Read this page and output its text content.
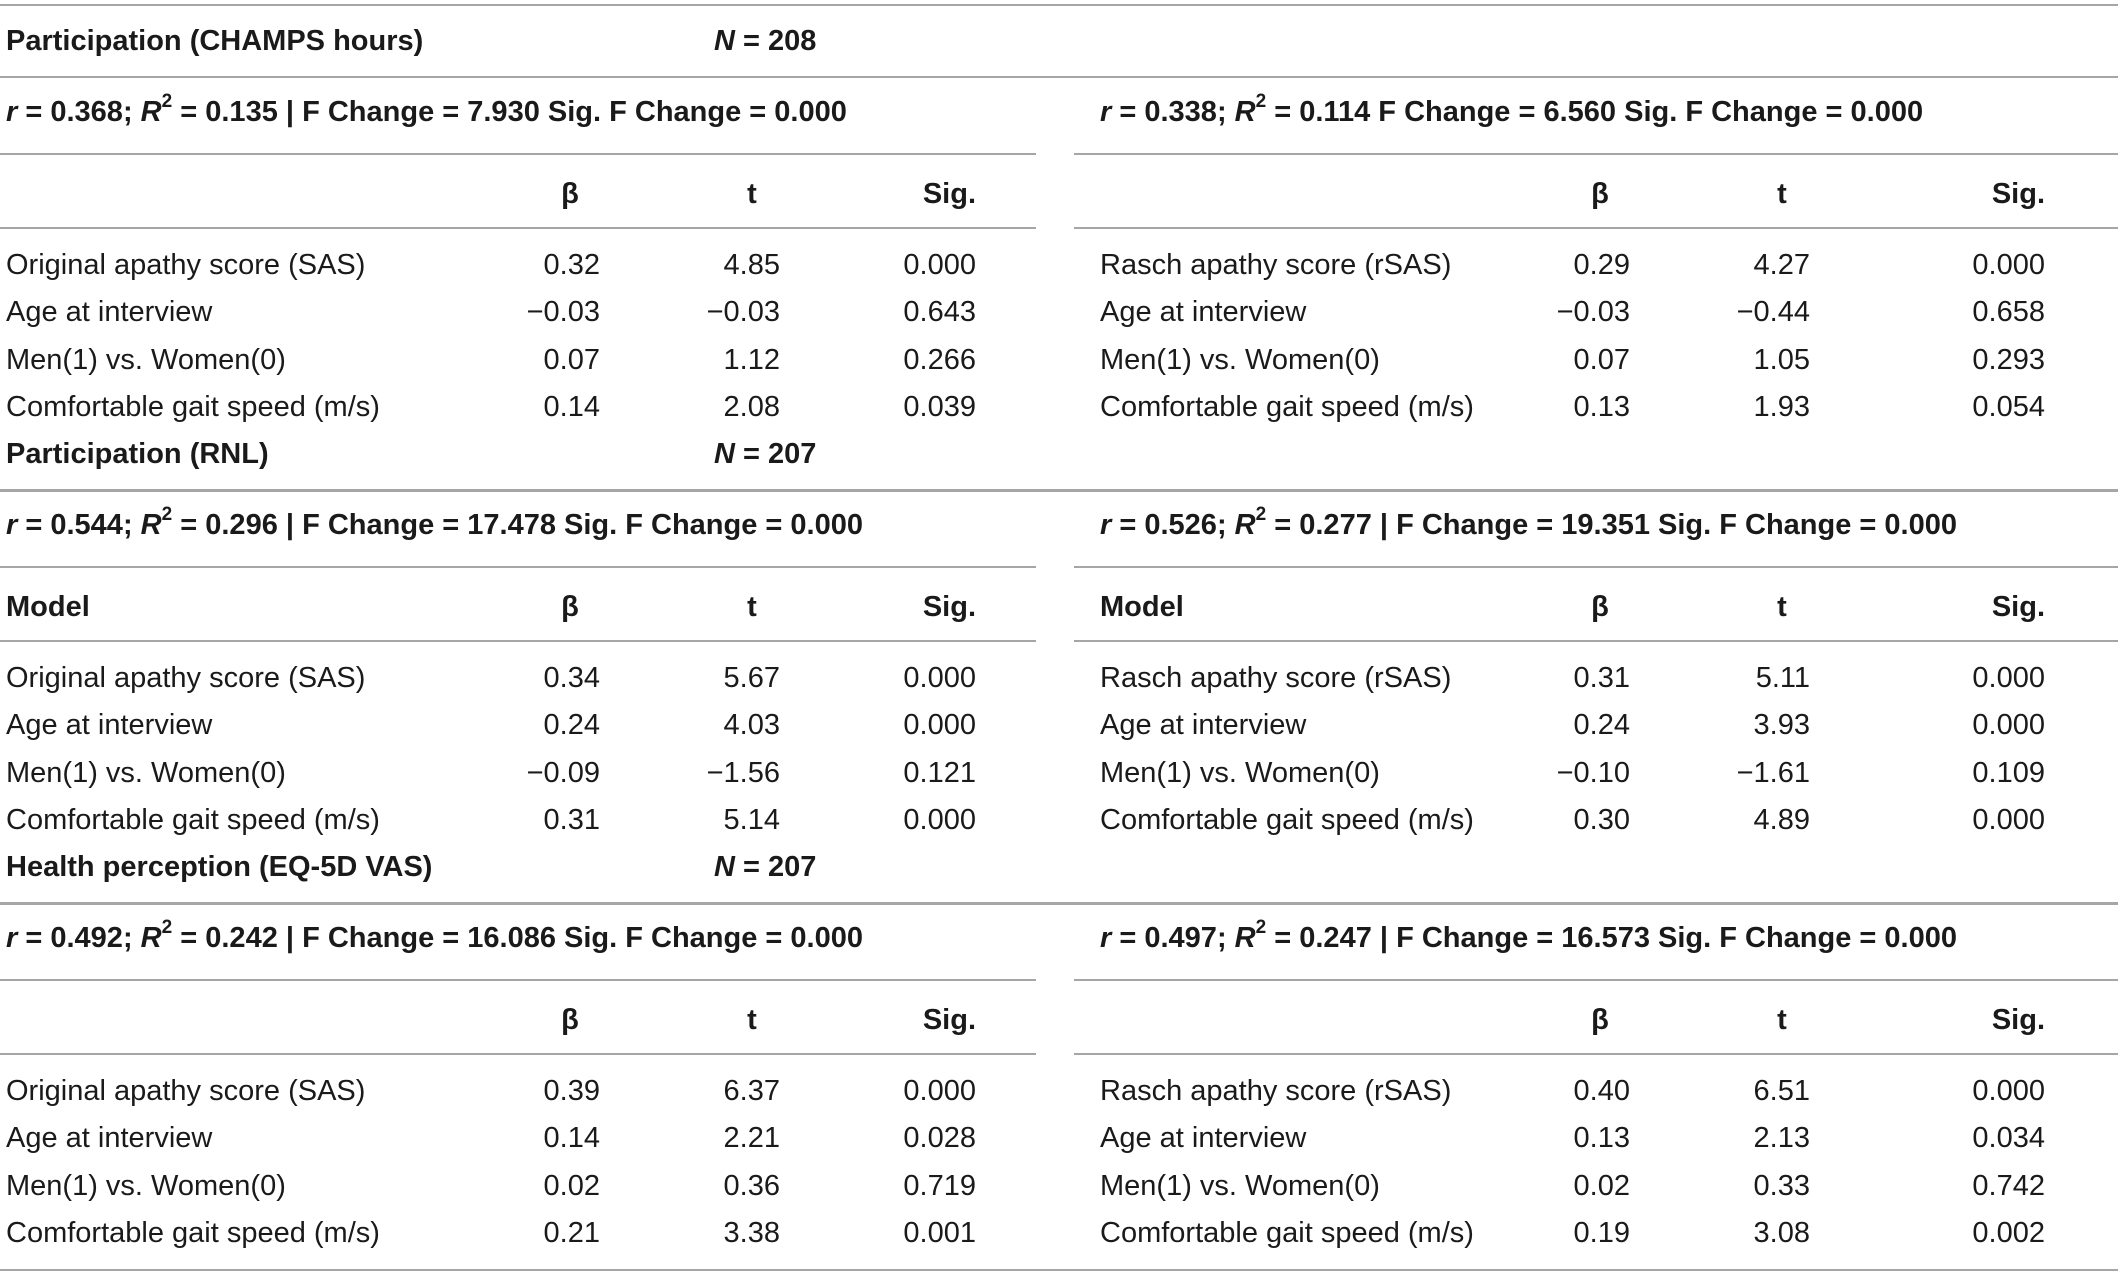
Participation (CHAMPS hours)	N = 208
r = 0.368; $R^2 = 0.135$ | F Change = 7.930 Sig. F Change = 0.000
β	t	Sig.
Original apathy score (SAS)	0.32	4.85	0.000
Age at interview	−0.03	−0.03	0.643
Men(1) vs. Women(0)	0.07	1.12	0.266
Comfortable gait speed (m/s)	0.14	2.08	0.039
r = 0.338; $R^2 = 0.114$ F Change = 6.560 Sig. F Change = 0.000
β	t	Sig.
Rasch apathy score (rSAS)	0.29	4.27	0.000
Age at interview	−0.03	−0.44	0.658
Men(1) vs. Women(0)	0.07	1.05	0.293
Comfortable gait speed (m/s)	0.13	1.93	0.054
Participation (RNL)	N = 207
r = 0.544; $R^2 = 0.296$ | F Change = 17.478 Sig. F Change = 0.000
Model	β	t	Sig.
Original apathy score (SAS)	0.34	5.67	0.000
Age at interview	0.24	4.03	0.000
Men(1) vs. Women(0)	−0.09	−1.56	0.121
Comfortable gait speed (m/s)	0.31	5.14	0.000
r = 0.526; $R^2 = 0.277$ | F Change = 19.351 Sig. F Change = 0.000
Model	β	t	Sig.
Rasch apathy score (rSAS)	0.31	5.11	0.000
Age at interview	0.24	3.93	0.000
Men(1) vs. Women(0)	−0.10	−1.61	0.109
Comfortable gait speed (m/s)	0.30	4.89	0.000
Health perception (EQ-5D VAS)	N = 207
r = 0.492; $R^2 = 0.242$ | F Change = 16.086 Sig. F Change = 0.000
β	t	Sig.
Original apathy score (SAS)	0.39	6.37	0.000
Age at interview	0.14	2.21	0.028
Men(1) vs. Women(0)	0.02	0.36	0.719
Comfortable gait speed (m/s)	0.21	3.38	0.001
r = 0.497; $R^2 = 0.247$ | F Change = 16.573 Sig. F Change = 0.000
β	t	Sig.
Rasch apathy score (rSAS)	0.40	6.51	0.000
Age at interview	0.13	2.13	0.034
Men(1) vs. Women(0)	0.02	0.33	0.742
Comfortable gait speed (m/s)	0.19	3.08	0.002
